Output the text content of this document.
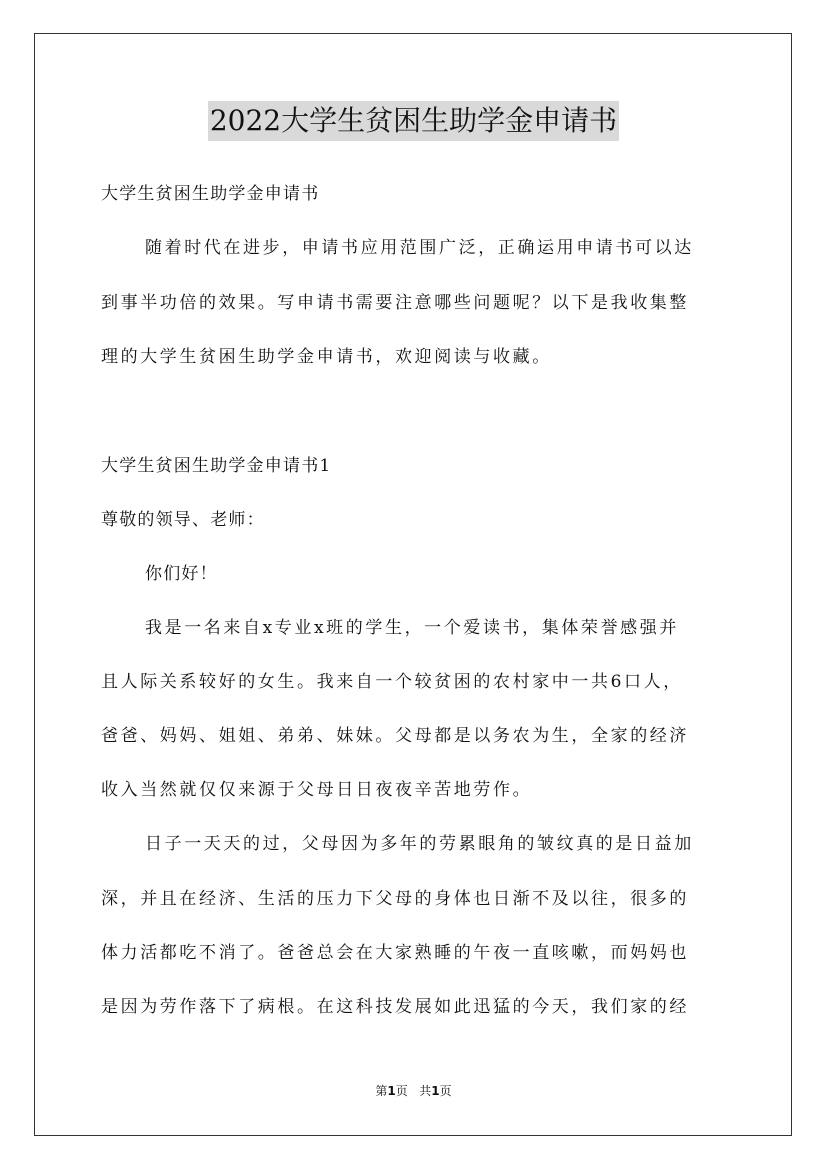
2022大学生贫困生助学金申请书
大学生贫困生助学金申请书
随着时代在进步，申请书应用范围广泛，正确运用申请书可以达
到事半功倍的效果。写申请书需要注意哪些问题呢？以下是我收集整
理的大学生贫困生助学金申请书，欢迎阅读与收藏。
大学生贫困生助学金申请书1
尊敬的领导、老师：
你们好！
我是一名来自x专业x班的学生，一个爱读书，集体荣誉感强并
且人际关系较好的女生。我来自一个较贫困的农村家中一共6口人，
爸爸、妈妈、姐姐、弟弟、妹妹。父母都是以务农为生，全家的经济
收入当然就仅仅来源于父母日日夜夜辛苦地劳作。
日子一天天的过，父母因为多年的劳累眼角的皱纹真的是日益加
深，并且在经济、生活的压力下父母的身体也日渐不及以往，很多的
体力活都吃不消了。爸爸总会在大家熟睡的午夜一直咳嗽，而妈妈也
是因为劳作落下了病根。在这科技发展如此迅猛的今天，我们家的经
第1页 共1页
